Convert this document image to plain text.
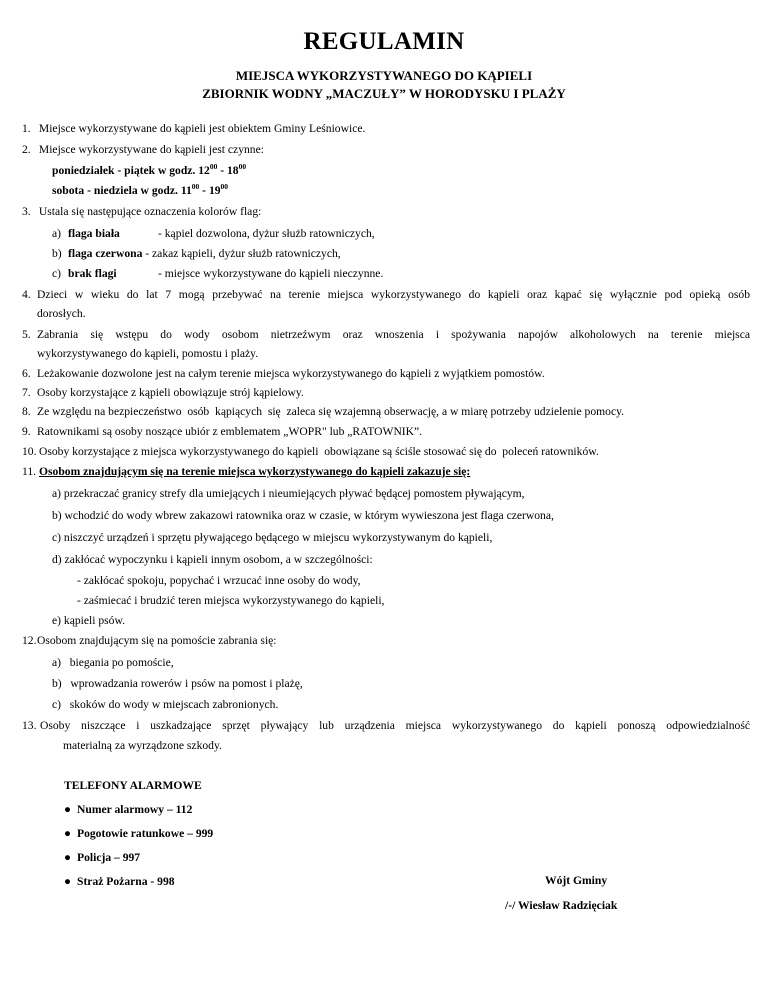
REGULAMIN
MIEJSCA WYKORZYSTYWANEGO DO KĄPIELI
ZBIORNIK WODNY „MACZUŁY” W HORODYSKU I PLAŻY
1. Miejsce wykorzystywane do kąpieli jest obiektem Gminy Leśniowice.
2. Miejsce wykorzystywane do kąpieli jest czynne:
poniedziałek - piątek w godz. $12^{00} - 18^{00}$
sobota - niedziela w godz. $11^{00} - 19^{00}$
3. Ustala się następujące oznaczenia kolorów flag:
a) flaga biała	- kąpiel dozwolona, dyżur służb ratowniczych,
b) flaga czerwona - zakaz kąpieli, dyżur służb ratowniczych,
c) brak flagi	- miejsce wykorzystywane do kąpieli nieczynne.
4. Dzieci w wieku do lat 7 mogą przebywać na terenie miejsca wykorzystywanego do kąpieli oraz kąpać się wyłącznie pod opieką osób
dorosłych.
5. Zabrania się wstępu do wody osobom nietrzeźwym oraz wnoszenia i spożywania napojów alkoholowych na terenie miejsca
wykorzystywanego do kąpieli, pomostu i plaży.
6. Leżakowanie dozwolone jest na całym terenie miejsca wykorzystywanego do kąpieli z wyjątkiem pomostów.
7. Osoby korzystające z kąpieli obowiązuje strój kąpielowy.
8. Ze względu na bezpieczeństwo  osób  kąpiących  się  zaleca się wzajemną obserwację, a w miarę potrzeby udzielenie pomocy.
9. Ratownikami są osoby noszące ubiór z emblematem „WOPR" lub „RATOWNIK”.
10. Osoby korzystające z miejsca wykorzystywanego do kąpieli  obowiązane są ściśle stosować się do  poleceń ratowników.
11. Osobom znajdującym się na terenie miejsca wykorzystywanego do kąpieli zakazuje się:
a) przekraczać granicy strefy dla umiejących i nieumiejących pływać będącej pomostem pływającym,
b) wchodzić do wody wbrew zakazowi ratownika oraz w czasie, w którym wywieszona jest flaga czerwona,
c) niszczyć urządzeń i sprzętu pływającego będącego w miejscu wykorzystywanym do kąpieli,
d) zakłócać wypoczynku i kąpieli innym osobom, a w szczególności:
- zakłócać spokoju, popychać i wrzucać inne osoby do wody,
- zaśmiecać i brudzić teren miejsca wykorzystywanego do kąpieli,
e) kąpieli psów.
12.Osobom znajdującym się na pomoście zabrania się:
a)   biegania po pomoście,
b)   wprowadzania rowerów i psów na pomost i plażę,
c)   skoków do wody w miejscach zabronionych.
13. Osoby niszczące i uszkadzające sprzęt pływający lub urządzenia miejsca wykorzystywanego do kąpieli ponoszą odpowiedzialność
materialną za wyrządzone szkody.
TELEFONY ALARMOWE
● Numer alarmowy – 112
● Pogotowie ratunkowe – 999
● Policja – 997
● Straż Pożarna - 998	Wójt Gminy
/-/ Wiesław Radzięciak
